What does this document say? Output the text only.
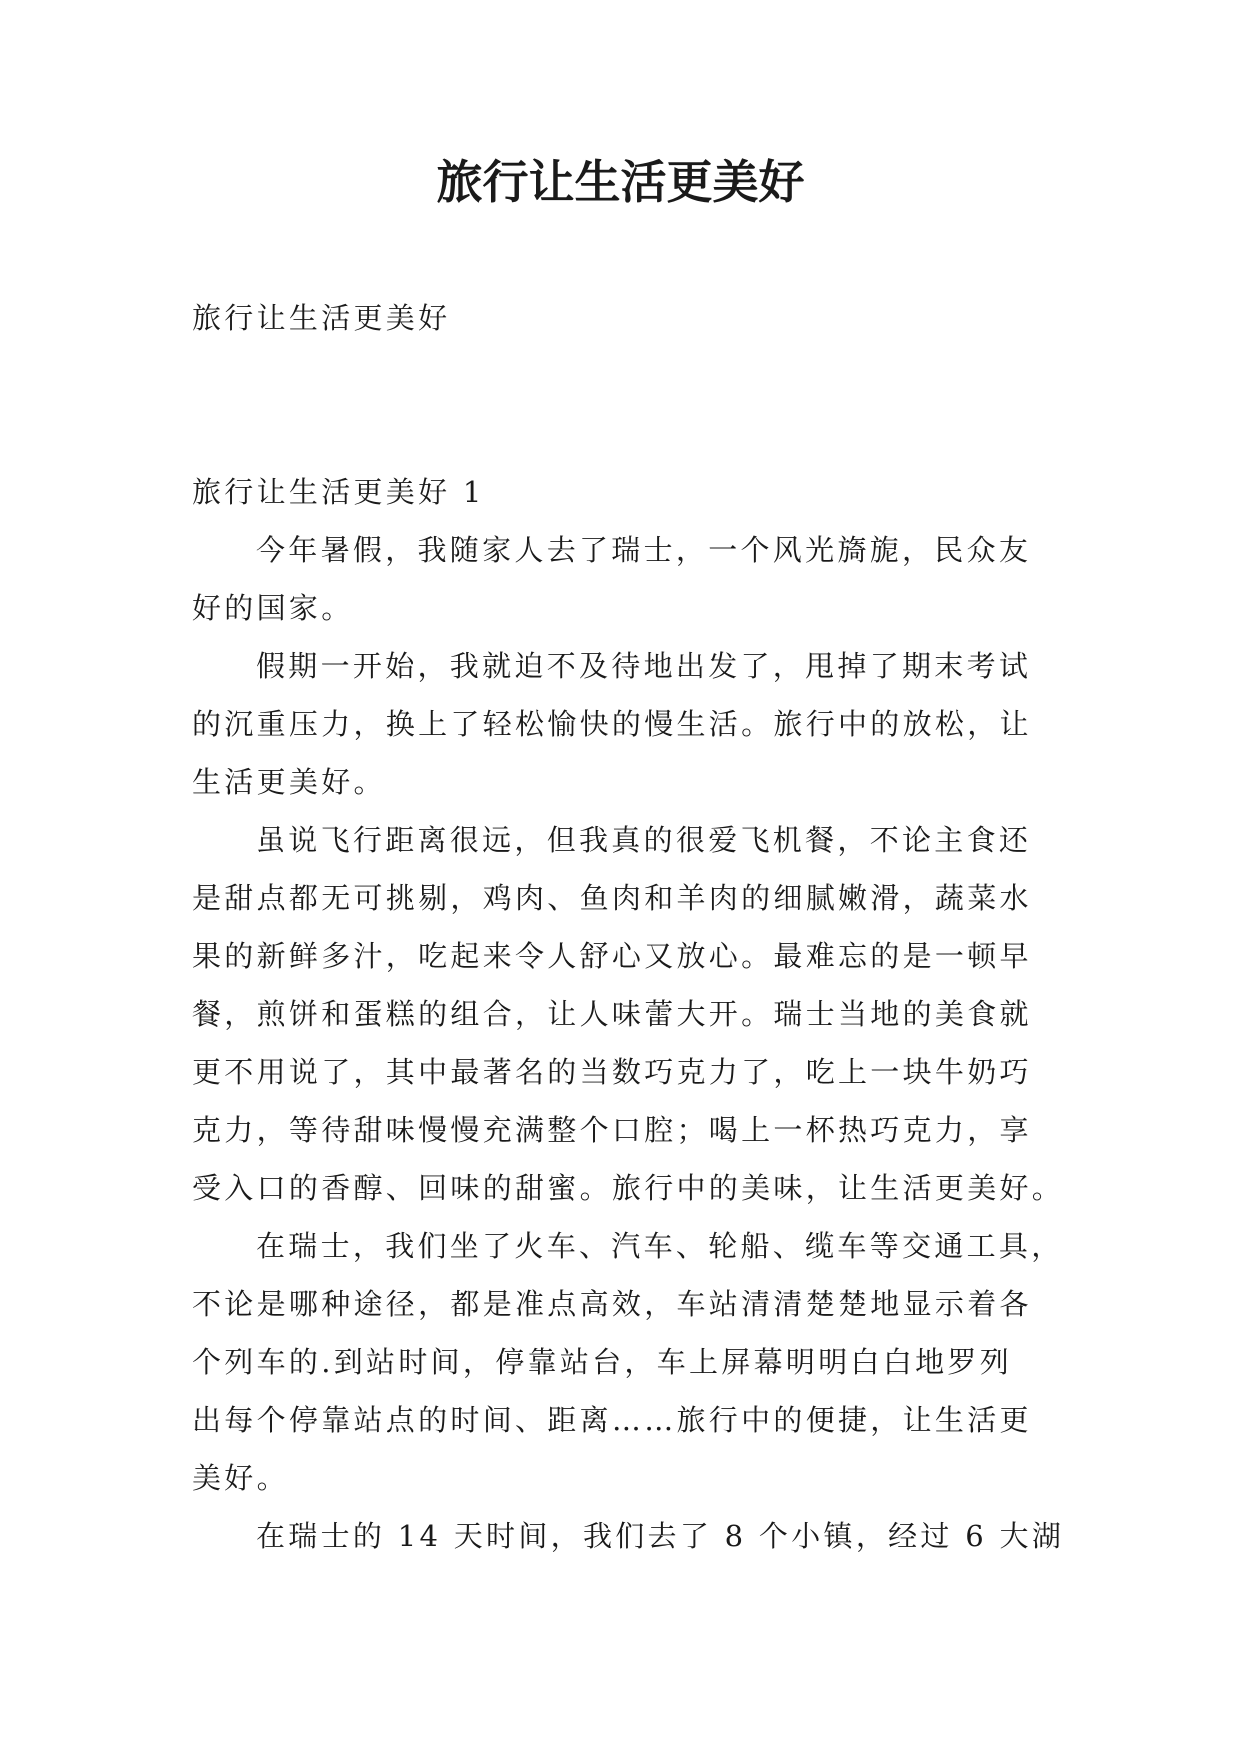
旅行让生活更美好
旅行让生活更美好
旅行让生活更美好 1
今年暑假，我随家人去了瑞士，一个风光旖旎，民众友
好的国家。
假期一开始，我就迫不及待地出发了，甩掉了期末考试
的沉重压力，换上了轻松愉快的慢生活。旅行中的放松，让
生活更美好。
虽说飞行距离很远，但我真的很爱飞机餐，不论主食还
是甜点都无可挑剔，鸡肉、鱼肉和羊肉的细腻嫩滑，蔬菜水
果的新鲜多汁，吃起来令人舒心又放心。最难忘的是一顿早
餐，煎饼和蛋糕的组合，让人味蕾大开。瑞士当地的美食就
更不用说了，其中最著名的当数巧克力了，吃上一块牛奶巧
克力，等待甜味慢慢充满整个口腔；喝上一杯热巧克力，享
受入口的香醇、回味的甜蜜。旅行中的美味，让生活更美好。
在瑞士，我们坐了火车、汽车、轮船、缆车等交通工具，
不论是哪种途径，都是准点高效，车站清清楚楚地显示着各
个列车的.到站时间，停靠站台，车上屏幕明明白白地罗列
出每个停靠站点的时间、距离……旅行中的便捷，让生活更
美好。
在瑞士的 14 天时间，我们去了 8 个小镇，经过 6 大湖
